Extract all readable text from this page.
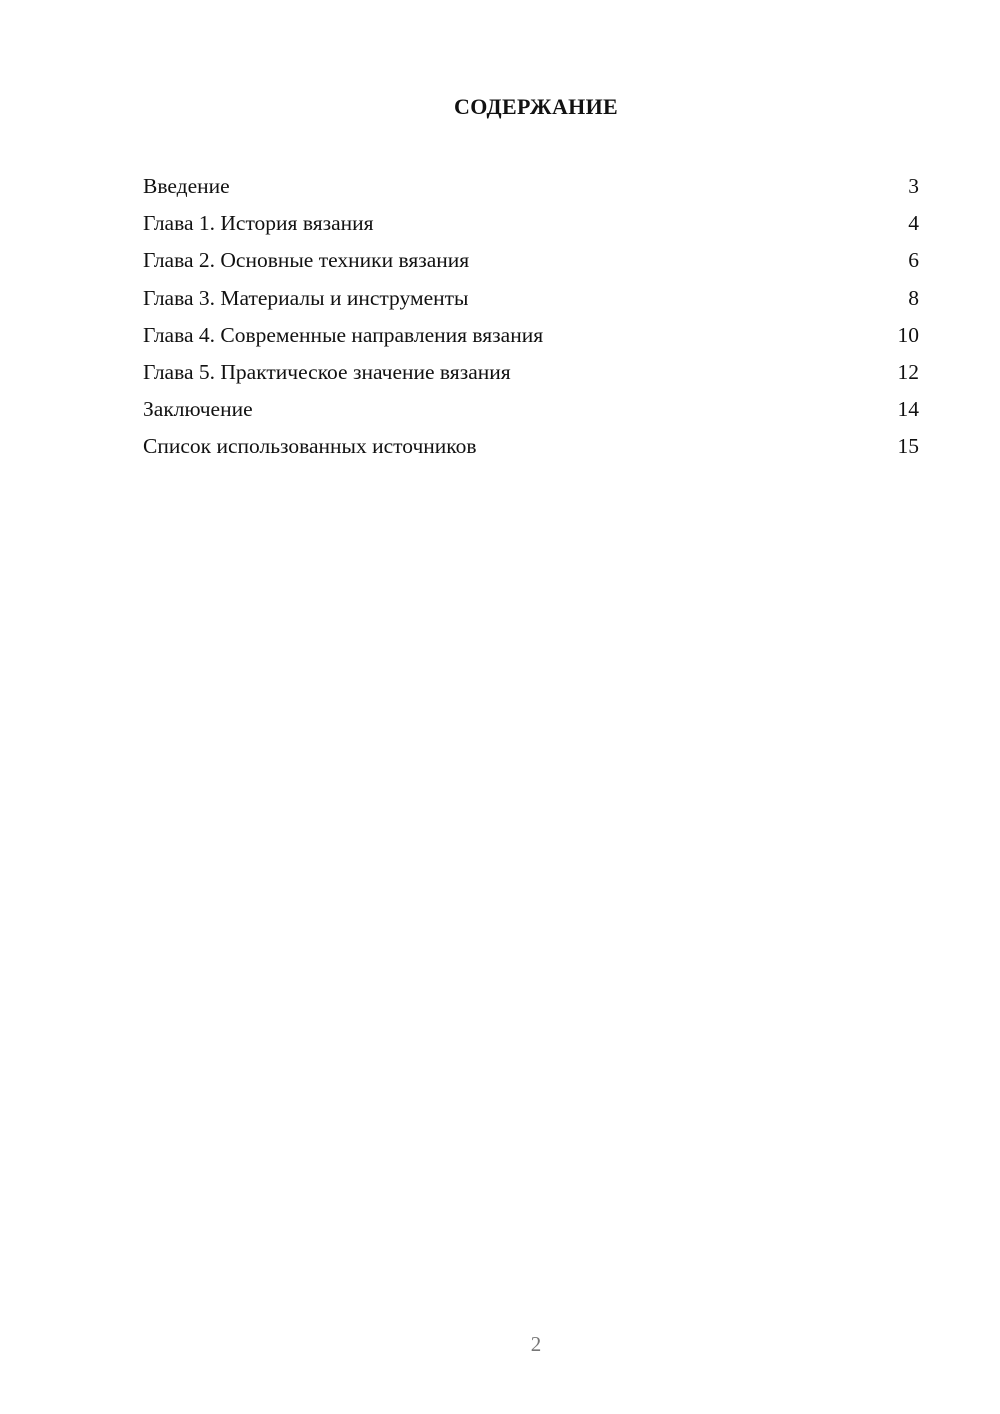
СОДЕРЖАНИЕ
Введение	3
Глава 1. История вязания	4
Глава 2. Основные техники вязания	6
Глава 3. Материалы и инструменты	8
Глава 4. Современные направления вязания	10
Глава 5. Практическое значение вязания	12
Заключение	14
Список использованных источников	15
2
